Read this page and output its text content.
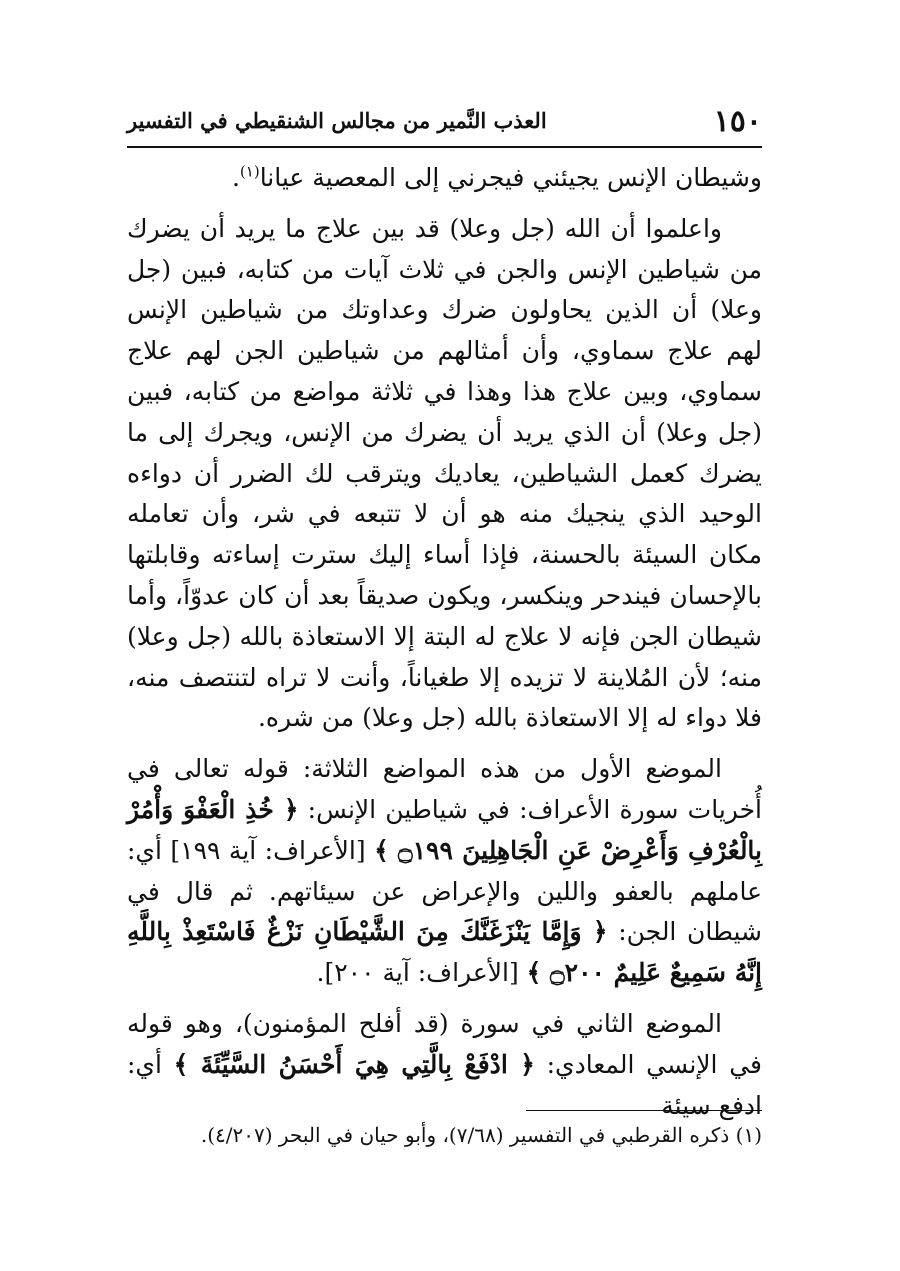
١٥٠
العذب النَّمير من مجالس الشنقيطي في التفسير

وشيطان الإنس يجيئني فيجرني إلى المعصية عيانا$^{(١)}$.

واعلموا أن الله (جل وعلا) قد بين علاج ما يريد أن يضرك من شياطين الإنس والجن في ثلاث آيات من كتابه، فبين (جل وعلا) أن الذين يحاولون ضرك وعداوتك من شياطين الإنس لهم علاج سماوي، وأن أمثالهم من شياطين الجن لهم علاج سماوي، وبين علاج هذا وهذا في ثلاثة مواضع من كتابه، فبين (جل وعلا) أن الذي يريد أن يضرك من الإنس، ويجرك إلى ما يضرك كعمل الشياطين، يعاديك ويترقب لك الضرر أن دواءه الوحيد الذي ينجيك منه هو أن لا تتبعه في شر، وأن تعامله مكان السيئة بالحسنة، فإذا أساء إليك سترت إساءته وقابلتها بالإحسان فيندحر وينكسر، ويكون صديقاً بعد أن كان عدوّاً، وأما شيطان الجن فإنه لا علاج له البتة إلا الاستعاذة بالله (جل وعلا) منه؛ لأن المُلاينة لا تزيده إلا طغياناً، وأنت لا تراه لتنتصف منه، فلا دواء له إلا الاستعاذة بالله (جل وعلا) من شره.

الموضع الأول من هذه المواضع الثلاثة: قوله تعالى في أُخريات سورة الأعراف: في شياطين الإنس: ﴿ خُذِ الْعَفْوَ وَأْمُرْ بِالْعُرْفِ وَأَعْرِضْ عَنِ الْجَاهِلِينَ ۝١٩٩ ﴾ [الأعراف: آية ١٩٩] أي: عاملهم بالعفو واللين والإعراض عن سيئاتهم. ثم قال في شيطان الجن: ﴿ وَإِمَّا يَنْزَغَنَّكَ مِنَ الشَّيْطَانِ نَزْغٌ فَاسْتَعِذْ بِاللَّهِ إِنَّهُ سَمِيعٌ عَلِيمٌ ۝٢٠٠ ﴾ [الأعراف: آية ٢٠٠].

الموضع الثاني في سورة (قد أفلح المؤمنون)، وهو قوله في الإنسي المعادي: ﴿ ادْفَعْ بِالَّتِي هِيَ أَحْسَنُ السَّيِّئَةَ ﴾ أي: ادفع سيئة

(١) ذكره القرطبي في التفسير (٧/٦٨)، وأبو حيان في البحر (٤/٢٠٧).
